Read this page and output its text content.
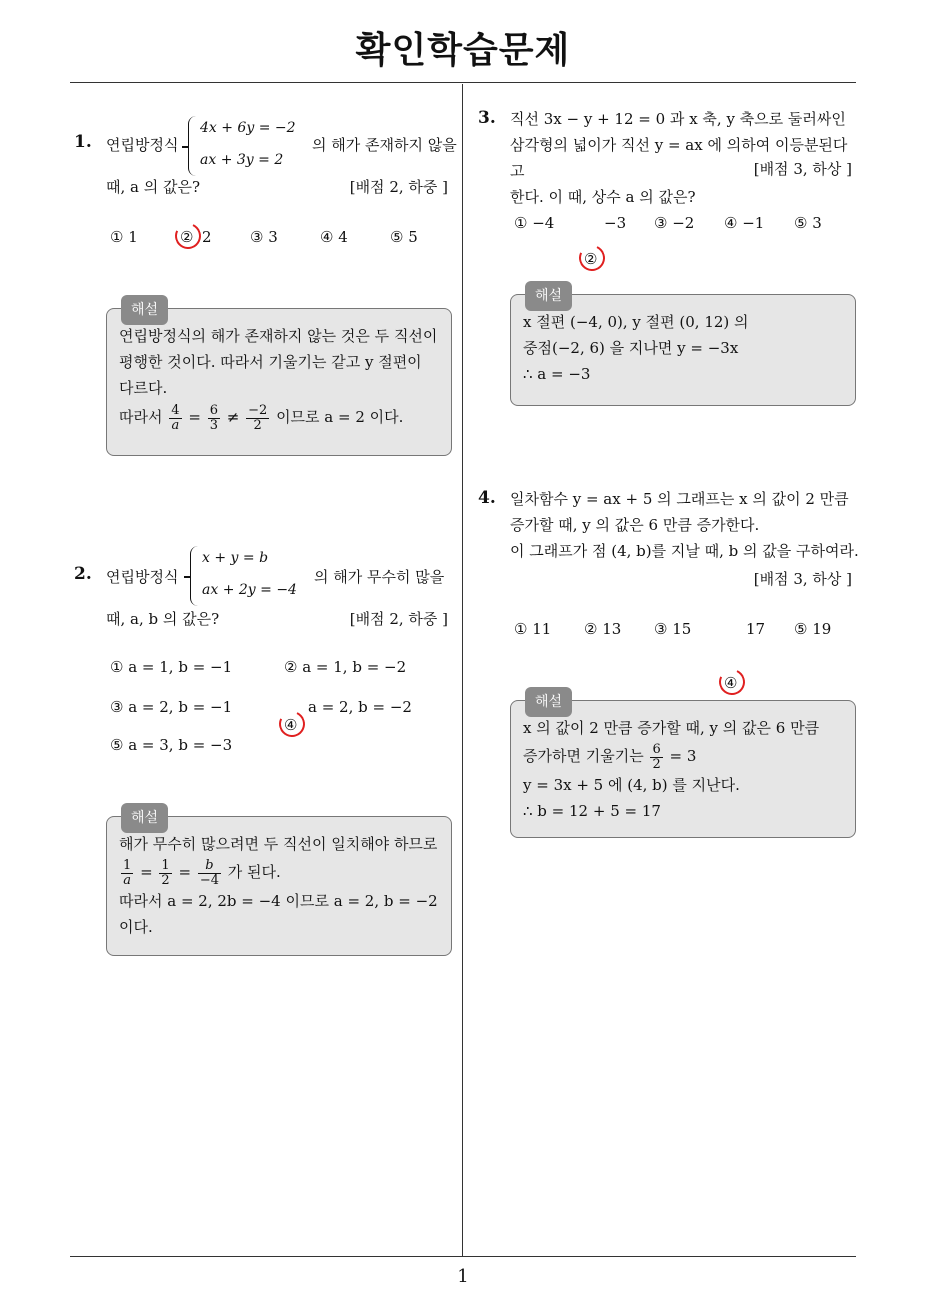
확인학습문제
1
1. 연립방정식
4x + 6y = −2
ax + 3y = 2
의 해가 존재하지 않을
때, a 의 값은?	[배점 2, 하중 ]
① 1	② 2	③ 3	④ 4	⑤ 5
해설
연립방정식의 해가 존재하지 않는 것은 두 직선이
평행한 것이다. 따라서 기울기는 같고 y 절편이
다르다.
따라서 $\frac{4}{a} = \frac{6}{3} \ne \frac{-2}{2}$ 이므로 a = 2 이다.
2. 연립방정식
x + y = b
ax + 2y = −4
의 해가 무수히 많을
때, a, b 의 값은?	[배점 2, 하중 ]
① a = 1, b = −1	② a = 1, b = −2
③ a = 2, b = −1
④
a = 2, b = −2
⑤ a = 3, b = −3
해설
해가 무수히 많으려면 두 직선이 일치해야 하므로
$\frac{1}{a} = \frac{1}{2} = \frac{b}{-4}$ 가 된다.
따라서 a = 2, 2b = −4 이므로 a = 2, b = −2
이다.
3. 직선 3x − y + 12 = 0 과 x 축, y 축으로 둘러싸인
삼각형의 넓이가 직선 y = ax 에 의하여 이등분된다고
한다. 이 때, 상수 a 의 값은?
[배점 3, 하상 ]
① −4
②
−3 ③ −2 ④ −1 ⑤ 3
해설
x 절편 (−4, 0), y 절편 (0, 12) 의
중점(−2, 6) 을 지나면 y = −3x
∴ a = −3
4. 일차함수 y = ax + 5 의 그래프는 x 의 값이 2 만큼
증가할 때, y 의 값은 6 만큼 증가한다.
이 그래프가 점 (4, b)를 지날 때, b 의 값을 구하여라.
[배점 3, 하상 ]
① 11 ② 13 ③ 15
④
17 ⑤ 19
해설
x 의 값이 2 만큼 증가할 때, y 의 값은 6 만큼
증가하면 기울기는 $\frac{6}{2} = 3$
y = 3x + 5 에 (4, b) 를 지난다.
∴ b = 12 + 5 = 17
